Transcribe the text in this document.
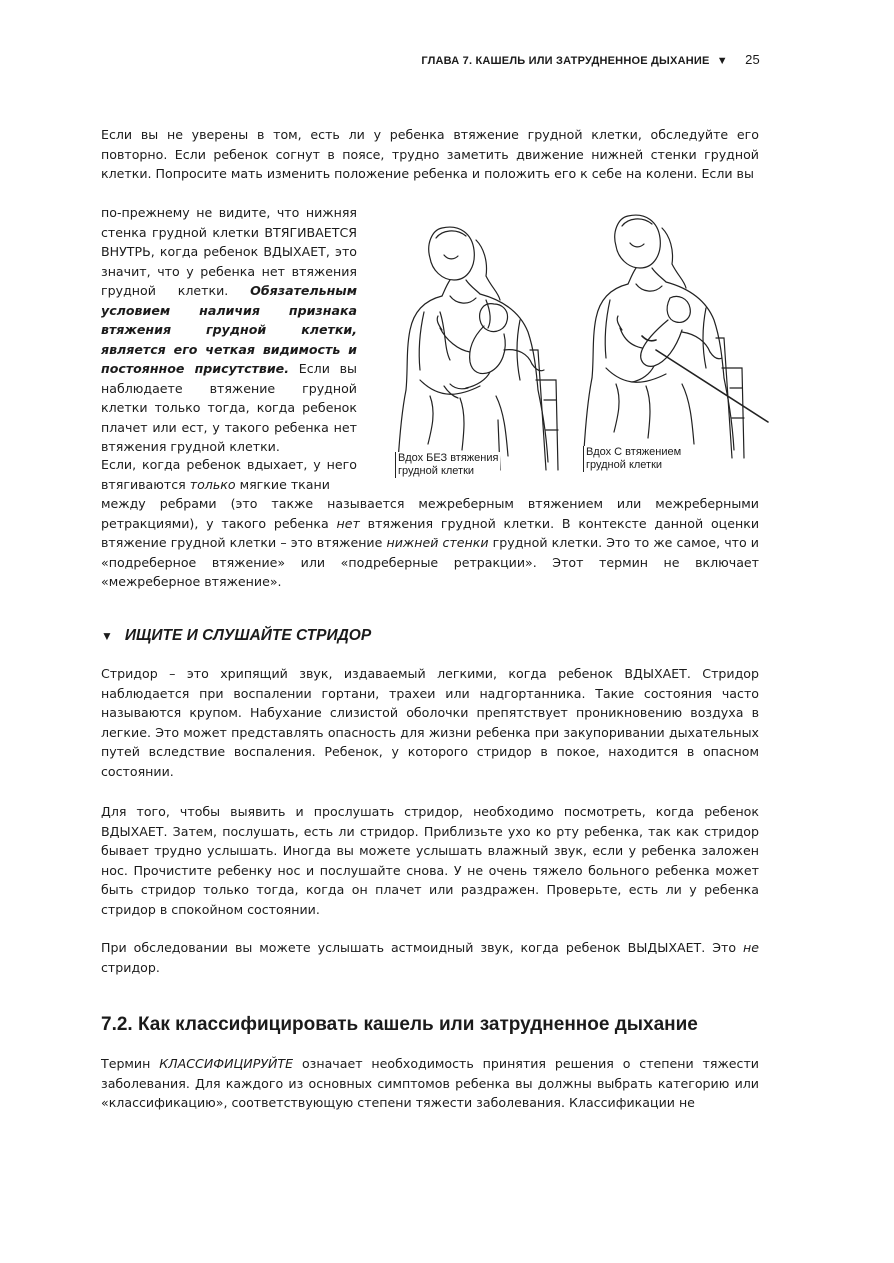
ГЛАВА 7. КАШЕЛЬ ИЛИ ЗАТРУДНЕННОЕ ДЫХАНИЕ ▼ 25

Если вы не уверены в том, есть ли у ребенка втяжение грудной клетки, обследуйте его повторно. Если ребенок согнут в поясе, трудно заметить движение нижней стенки грудной клетки. Попросите мать изменить положение ребенка и положить его к себе на колени. Если вы

по-прежнему не видите, что нижняя стенка грудной клетки ВТЯГИВАЕТСЯ ВНУТРЬ, когда ребенок ВДЫХАЕТ, это значит, что у ребенка нет втяжения грудной клетки. Обязательным условием наличия признака втяжения грудной клетки, является его четкая видимость и постоянное присутствие. Если вы наблюдаете втяжение грудной клетки только тогда, когда ребенок плачет или ест, у такого ребенка нет втяжения грудной клетки.

Если, когда ребенок вдыхает, у него втягиваются только мягкие ткани

между ребрами (это также называется межреберным втяжением или межреберными ретракциями), у такого ребенка нет втяжения грудной клетки. В контексте данной оценки втяжение грудной клетки – это втяжение нижней стенки грудной клетки. Это то же самое, что и «подреберное втяжение» или «подреберные ретракции». Этот термин не включает «межреберное втяжение».

Вдох БЕЗ втяжения
грудной клетки
Вдох С втяжением
грудной клетки
▼ ИЩИТЕ И СЛУШАЙТЕ СТРИДОР

Стридор – это хрипящий звук, издаваемый легкими, когда ребенок ВДЫХАЕТ. Стридор наблюдается при воспалении гортани, трахеи или надгортанника. Такие состояния часто называются крупом. Набухание слизистой оболочки препятствует проникновению воздуха в легкие. Это может представлять опасность для жизни ребенка при закупоривании дыхательных путей вследствие воспаления. Ребенок, у которого стридор в покое, находится в опасном состоянии.

Для того, чтобы выявить и прослушать стридор, необходимо посмотреть, когда ребенок ВДЫХАЕТ. Затем, послушать, есть ли стридор. Приблизьте ухо ко рту ребенка, так как стридор бывает трудно услышать. Иногда вы можете услышать влажный звук, если у ребенка заложен нос. Прочистите ребенку нос и послушайте снова. У не очень тяжело больного ребенка может быть стридор только тогда, когда он плачет или раздражен. Проверьте, есть ли у ребенка стридор в спокойном состоянии.

При обследовании вы можете услышать астмоидный звук, когда ребенок ВЫДЫХАЕТ. Это не стридор.

7.2. Как классифицировать кашель или затрудненное дыхание

Термин КЛАССИФИЦИРУЙТЕ означает необходимость принятия решения о степени тяжести заболевания. Для каждого из основных симптомов ребенка вы должны выбрать категорию или «классификацию», соответствующую степени тяжести заболевания. Классификации не
